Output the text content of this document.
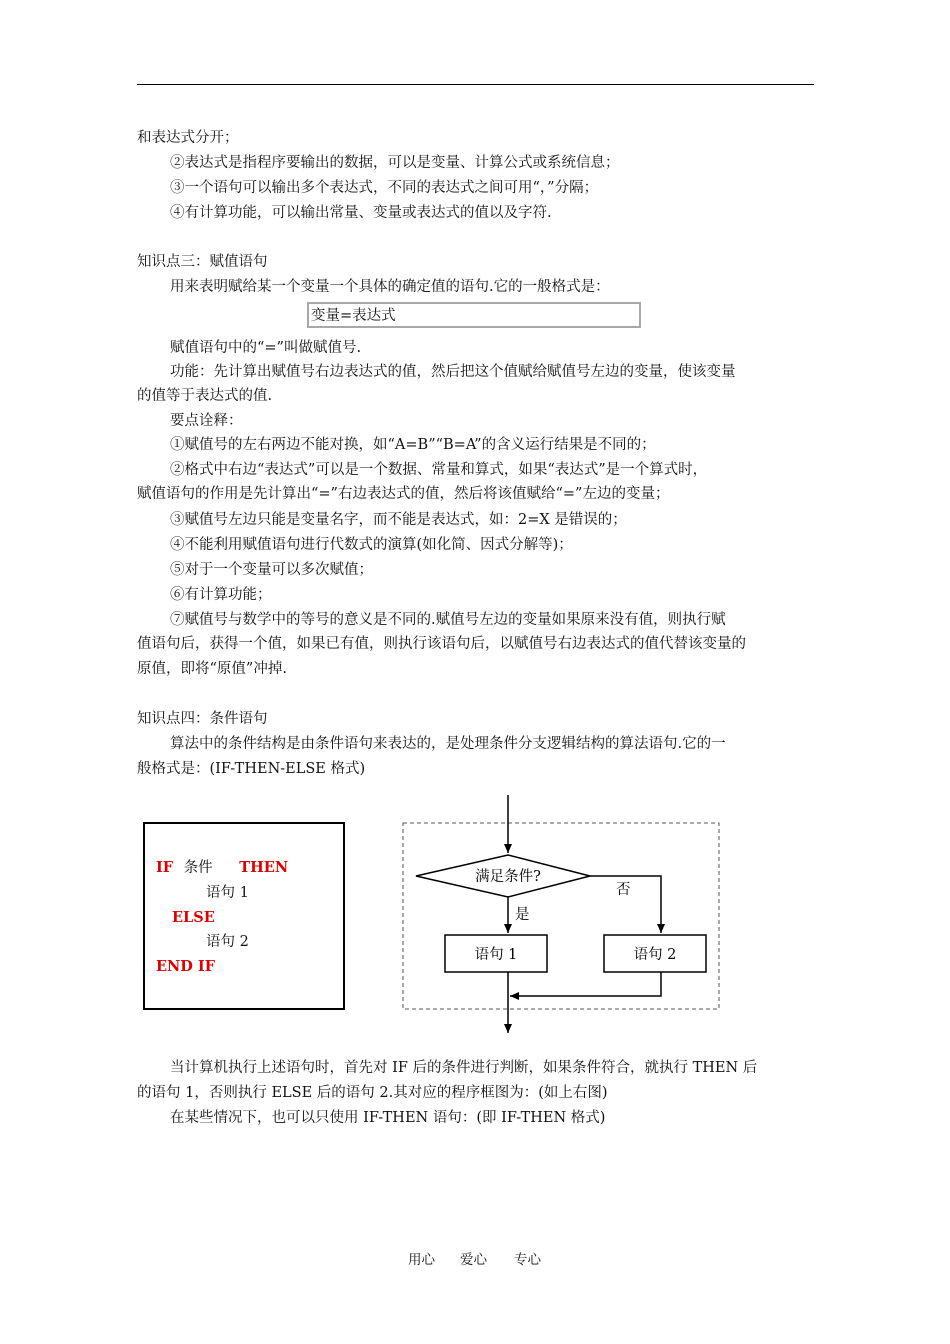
和表达式分开；
②表达式是指程序要输出的数据，可以是变量、计算公式或系统信息；
③一个语句可以输出多个表达式，不同的表达式之间可用“，”分隔；
④有计算功能，可以输出常量、变量或表达式的值以及字符.
知识点三：赋值语句
用来表明赋给某一个变量一个具体的确定值的语句.它的一般格式是：
变量=表达式
赋值语句中的“=”叫做赋值号.
功能：先计算出赋值号右边表达式的值，然后把这个值赋给赋值号左边的变量，使该变量
的值等于表达式的值.
要点诠释：
①赋值号的左右两边不能对换，如“A=B”“B=A”的含义运行结果是不同的；
②格式中右边“表达式”可以是一个数据、常量和算式，如果“表达式”是一个算式时，
赋值语句的作用是先计算出“=”右边表达式的值，然后将该值赋给“=”左边的变量；
③赋值号左边只能是变量名字，而不能是表达式，如：2=X 是错误的；
④不能利用赋值语句进行代数式的演算(如化简、因式分解等)；
⑤对于一个变量可以多次赋值；
⑥有计算功能；
⑦赋值号与数学中的等号的意义是不同的.赋值号左边的变量如果原来没有值，则执行赋
值语句后，获得一个值，如果已有值，则执行该语句后，以赋值号右边表达式的值代替该变量的
原值，即将“原值”冲掉.
知识点四：条件语句
算法中的条件结构是由条件语句来表达的，是处理条件分支逻辑结构的算法语句.它的一
般格式是：(IF-THEN-ELSE 格式)
IF 条件 THEN
语句 1
ELSE
语句 2
END IF
满足条件?
是
否
语句 1	语句 2
当计算机执行上述语句时，首先对 IF 后的条件进行判断，如果条件符合，就执行 THEN 后
的语句 1，否则执行 ELSE 后的语句 2.其对应的程序框图为：(如上右图)
在某些情况下，也可以只使用 IF-THEN 语句：(即 IF-THEN 格式)
用心 爱心 专心
